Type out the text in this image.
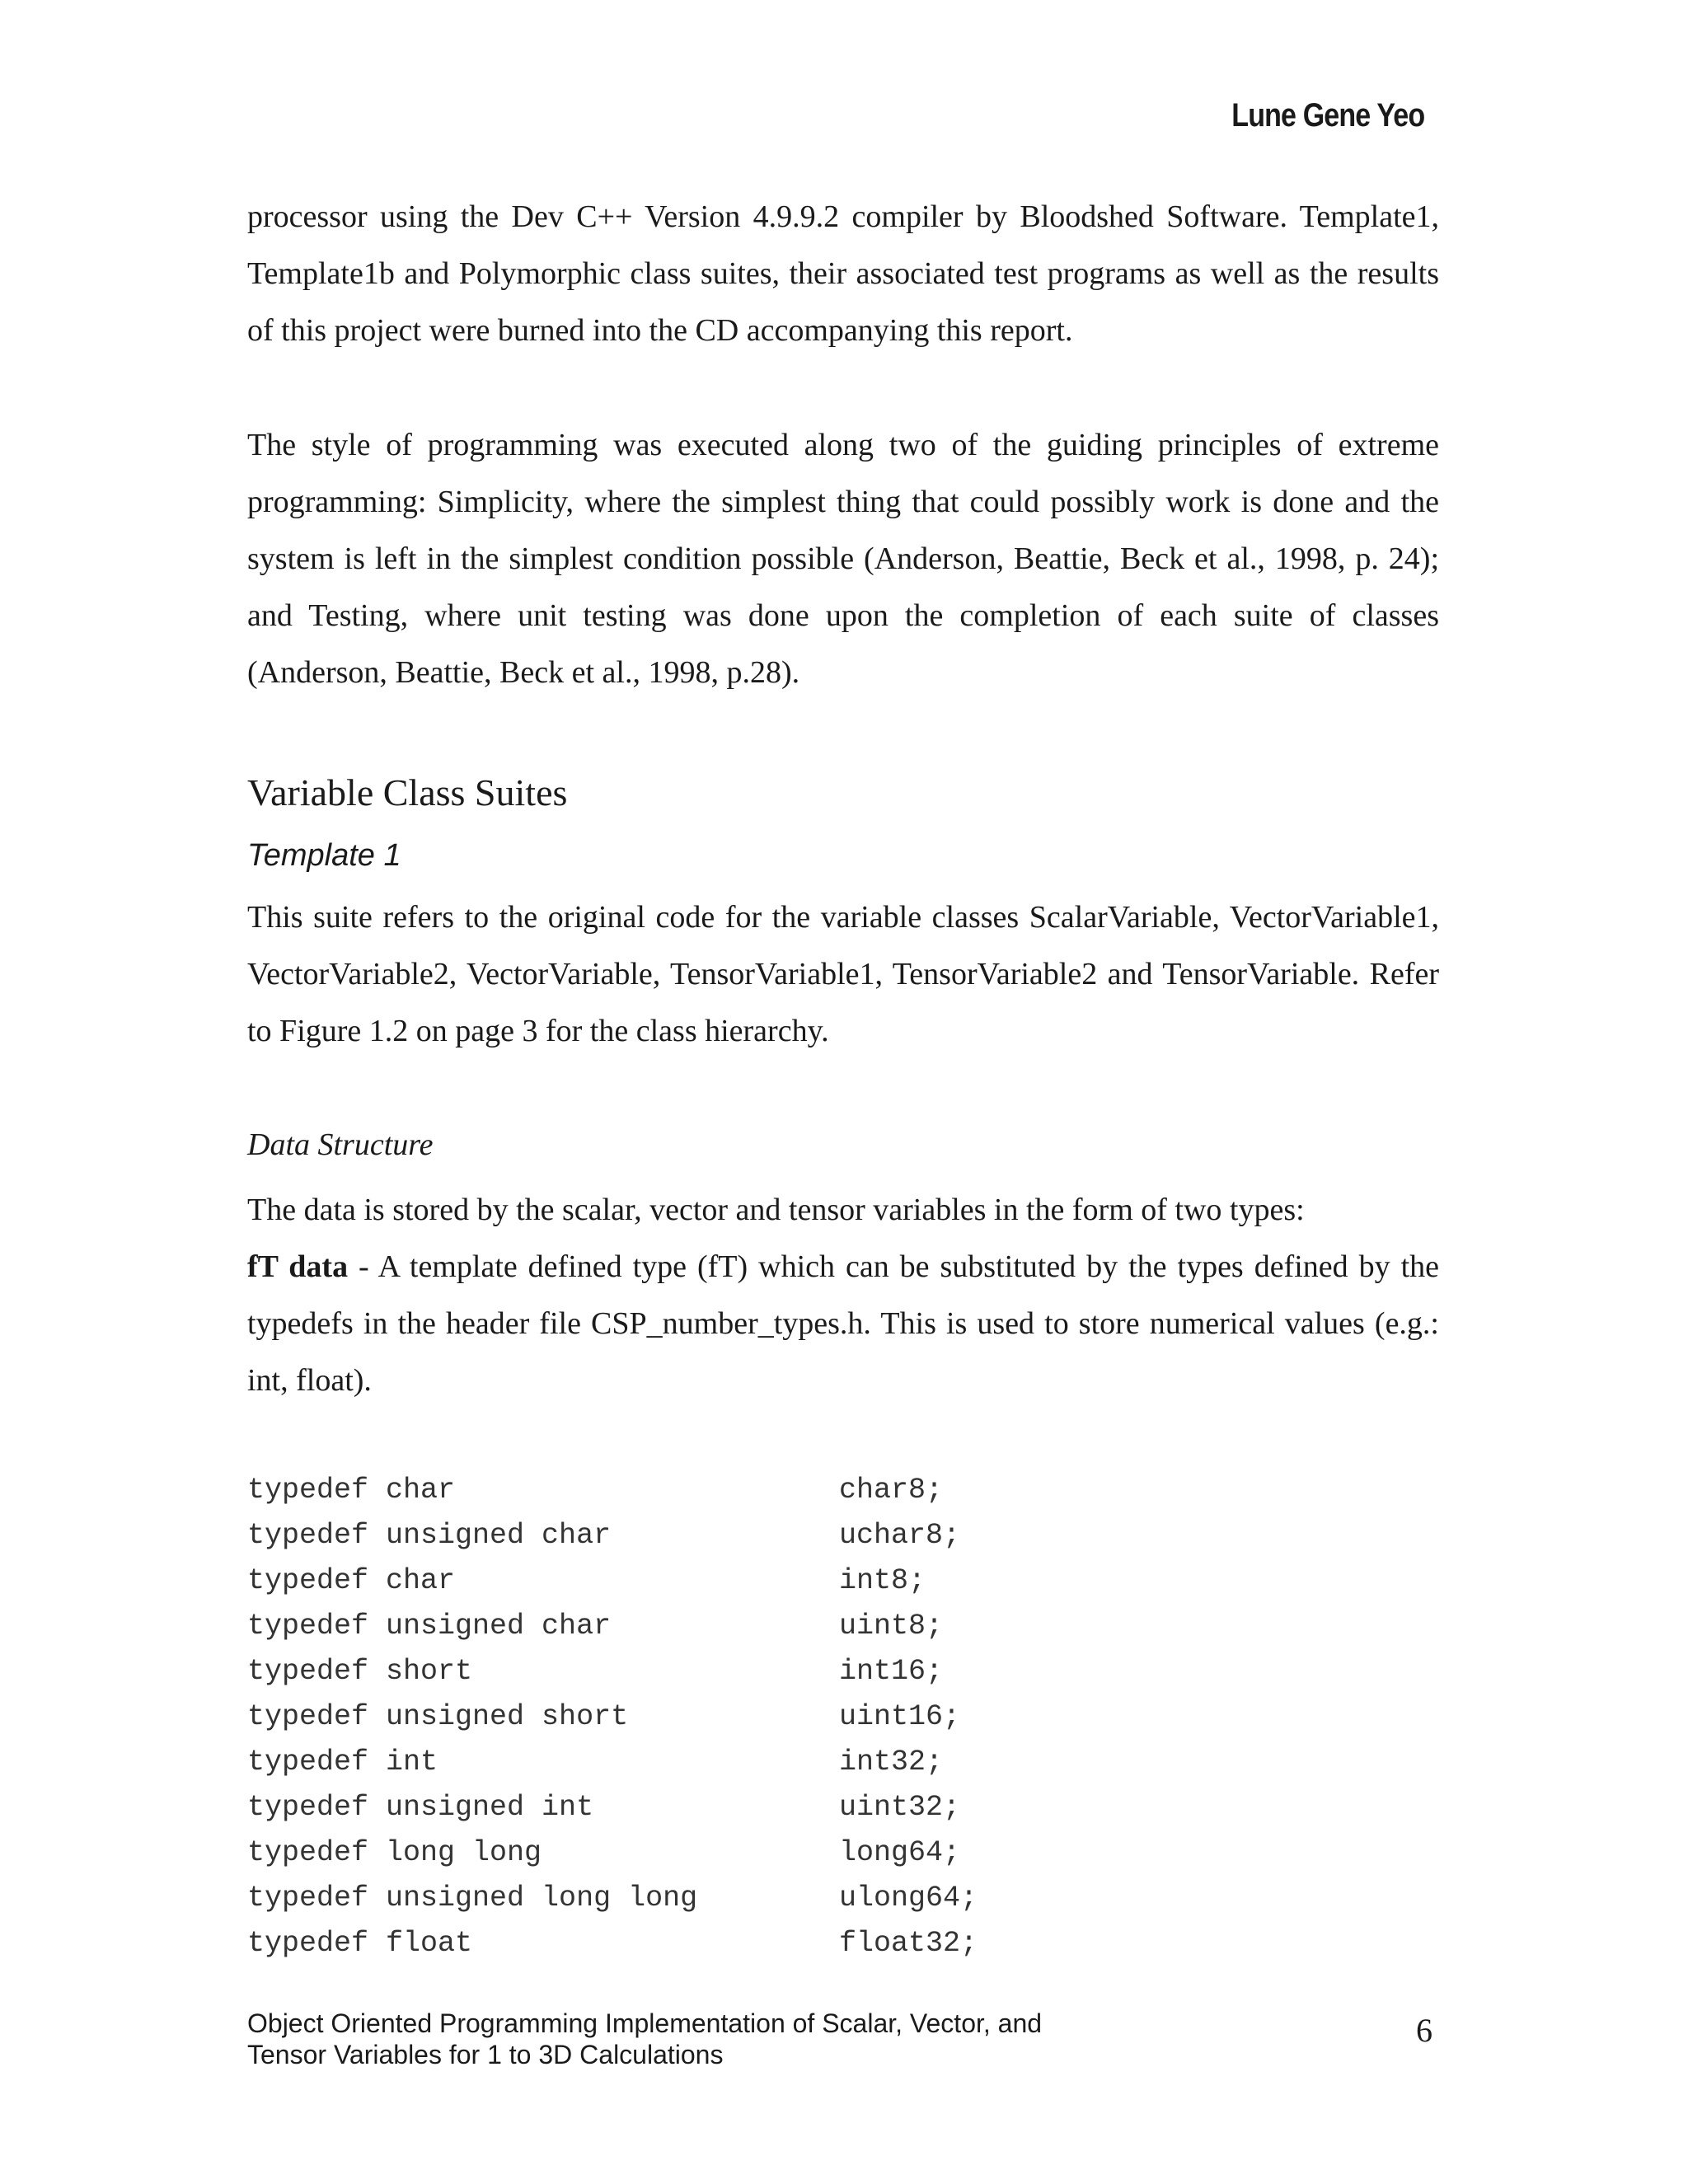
Lune Gene Yeo

processor using the Dev C++ Version 4.9.9.2 compiler by Bloodshed Software. Template1, Template1b and Polymorphic class suites, their associated test programs as well as the results of this project were burned into the CD accompanying this report.

The style of programming was executed along two of the guiding principles of extreme programming: Simplicity, where the simplest thing that could possibly work is done and the system is left in the simplest condition possible (Anderson, Beattie, Beck et al., 1998, p. 24); and Testing, where unit testing was done upon the completion of each suite of classes (Anderson, Beattie, Beck et al., 1998, p.28).

Variable Class Suites
Template 1

This suite refers to the original code for the variable classes ScalarVariable, VectorVariable1, VectorVariable2, VectorVariable, TensorVariable1, TensorVariable2 and TensorVariable. Refer to Figure 1.2 on page 3 for the class hierarchy.

Data Structure

The data is stored by the scalar, vector and tensor variables in the form of two types:

fT data - A template defined type (fT) which can be substituted by the types defined by the typedefs in the header file CSP_number_types.h. This is used to store numerical values (e.g.: int, float).

typedef char	char8;
typedef unsigned char	uchar8;
typedef char	int8;
typedef unsigned char	uint8;
typedef short	int16;
typedef unsigned short	uint16;
typedef int	int32;
typedef unsigned int	uint32;
typedef long long	long64;
typedef unsigned long long	ulong64;
typedef float	float32;
Object Oriented Programming Implementation of Scalar, Vector, and
Tensor Variables for 1 to 3D Calculations
6
